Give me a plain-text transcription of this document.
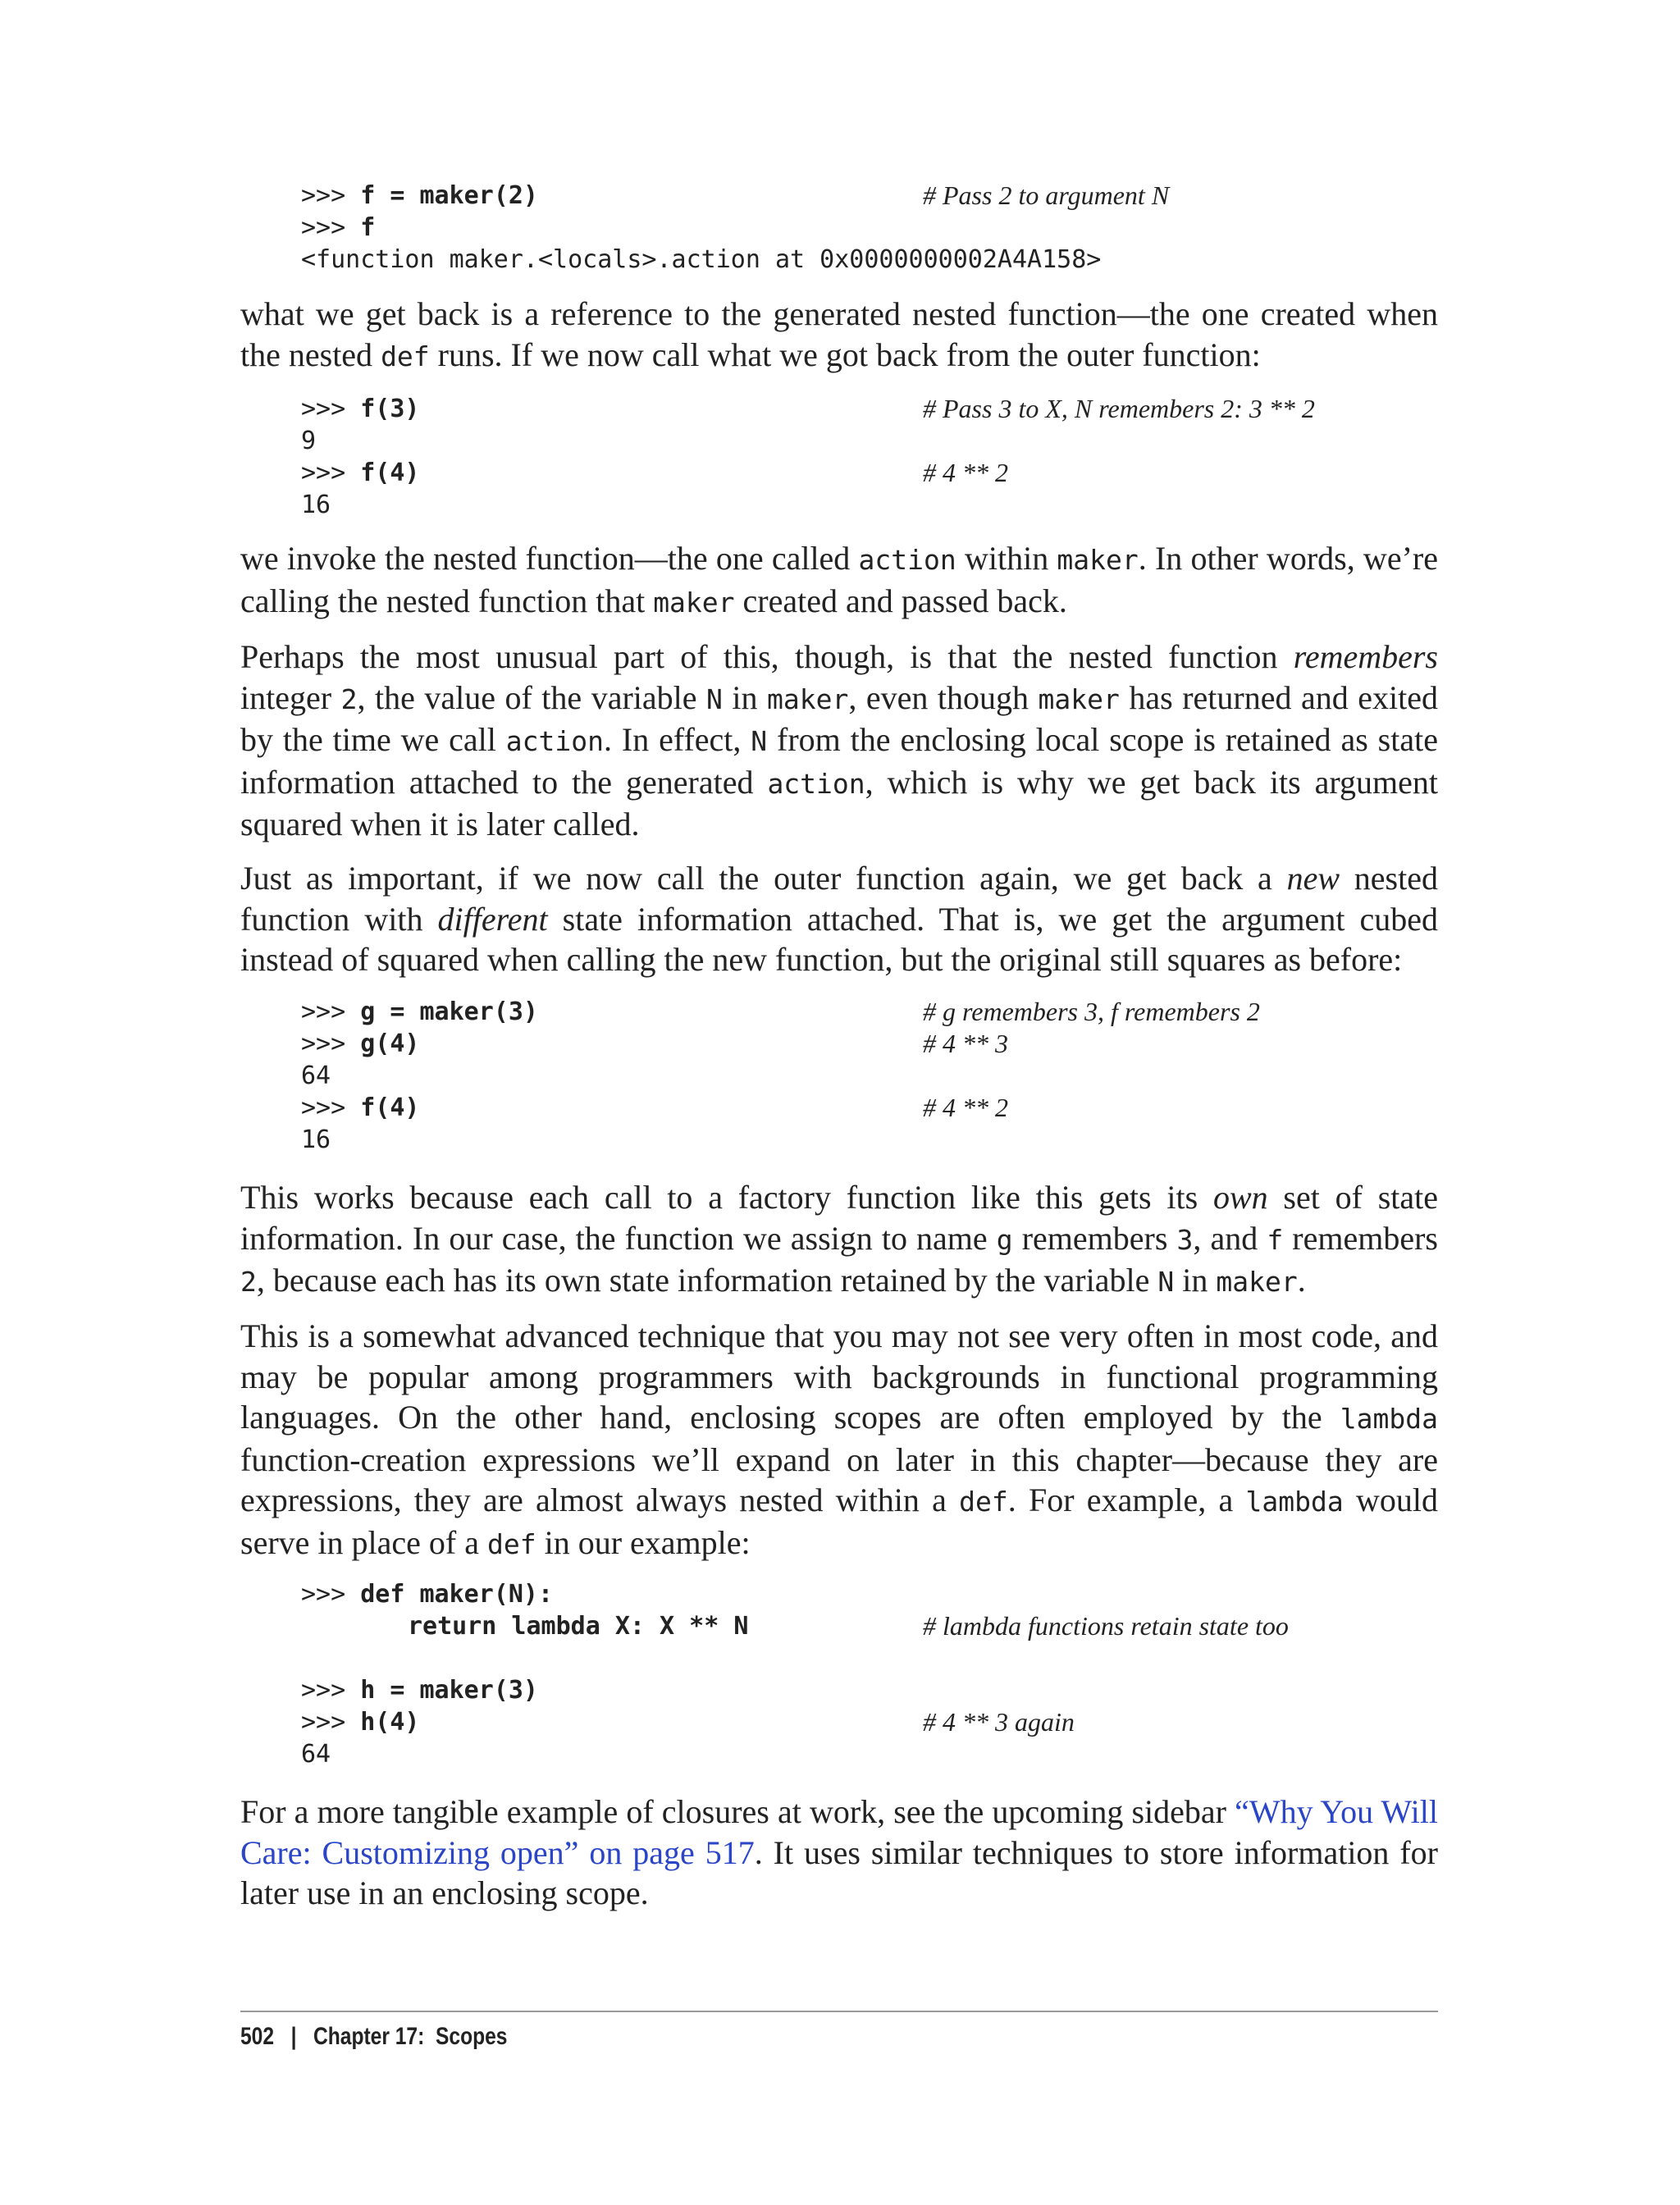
>>> f = maker(2)	# Pass 2 to argument N
>>> f
<function maker.<locals>.action at 0x0000000002A4A158>

what we get back is a reference to the generated nested function—the one created when the nested def runs. If we now call what we got back from the outer function:

>>> f(3)	# Pass 3 to X, N remembers 2: 3 ** 2
9
>>> f(4)	# 4 ** 2
16

we invoke the nested function—the one called action within maker. In other words, we’re calling the nested function that maker created and passed back.

Perhaps the most unusual part of this, though, is that the nested function remembers integer 2, the value of the variable N in maker, even though maker has returned and exited by the time we call action. In effect, N from the enclosing local scope is retained as state information attached to the generated action, which is why we get back its argument squared when it is later called.

Just as important, if we now call the outer function again, we get back a new nested function with different state information attached. That is, we get the argument cubed instead of squared when calling the new function, but the original still squares as before:

>>> g = maker(3)	# g remembers 3, f remembers 2
>>> g(4)	# 4 ** 3
64
>>> f(4)	# 4 ** 2
16

This works because each call to a factory function like this gets its own set of state information. In our case, the function we assign to name g remembers 3, and f remembers 2, because each has its own state information retained by the variable N in maker.

This is a somewhat advanced technique that you may not see very often in most code, and may be popular among programmers with backgrounds in functional programming languages. On the other hand, enclosing scopes are often employed by the lambda function-creation expressions we’ll expand on later in this chapter—because they are expressions, they are almost always nested within a def. For example, a lambda would serve in place of a def in our example:

>>> def maker(N):
return lambda X: X ** N	# lambda functions retain state too
>>> h = maker(3)
>>> h(4)	# 4 ** 3 again
64

For a more tangible example of closures at work, see the upcoming sidebar “Why You Will Care: Customizing open” on page 517. It uses similar techniques to store information for later use in an enclosing scope.

502 | Chapter 17:  Scopes
